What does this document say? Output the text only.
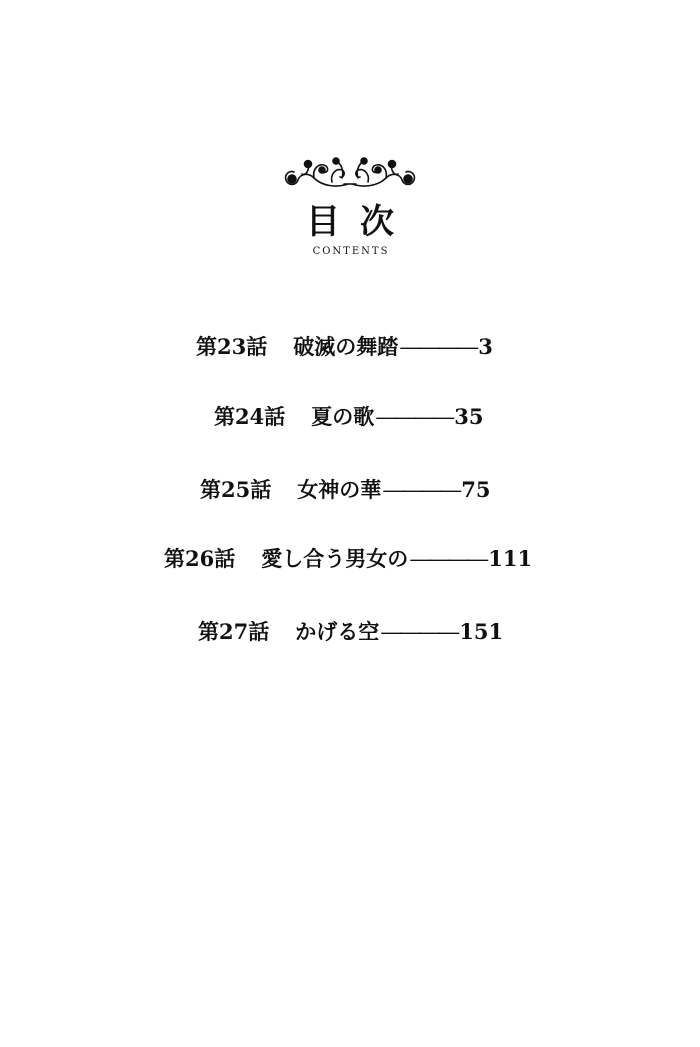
目次
CONTENTS
第23話 破滅の舞踏――――3
第24話 夏の歌――――35
第25話 女神の華――――75
第26話 愛し合う男女の――――111
第27話 かげる空――――151
